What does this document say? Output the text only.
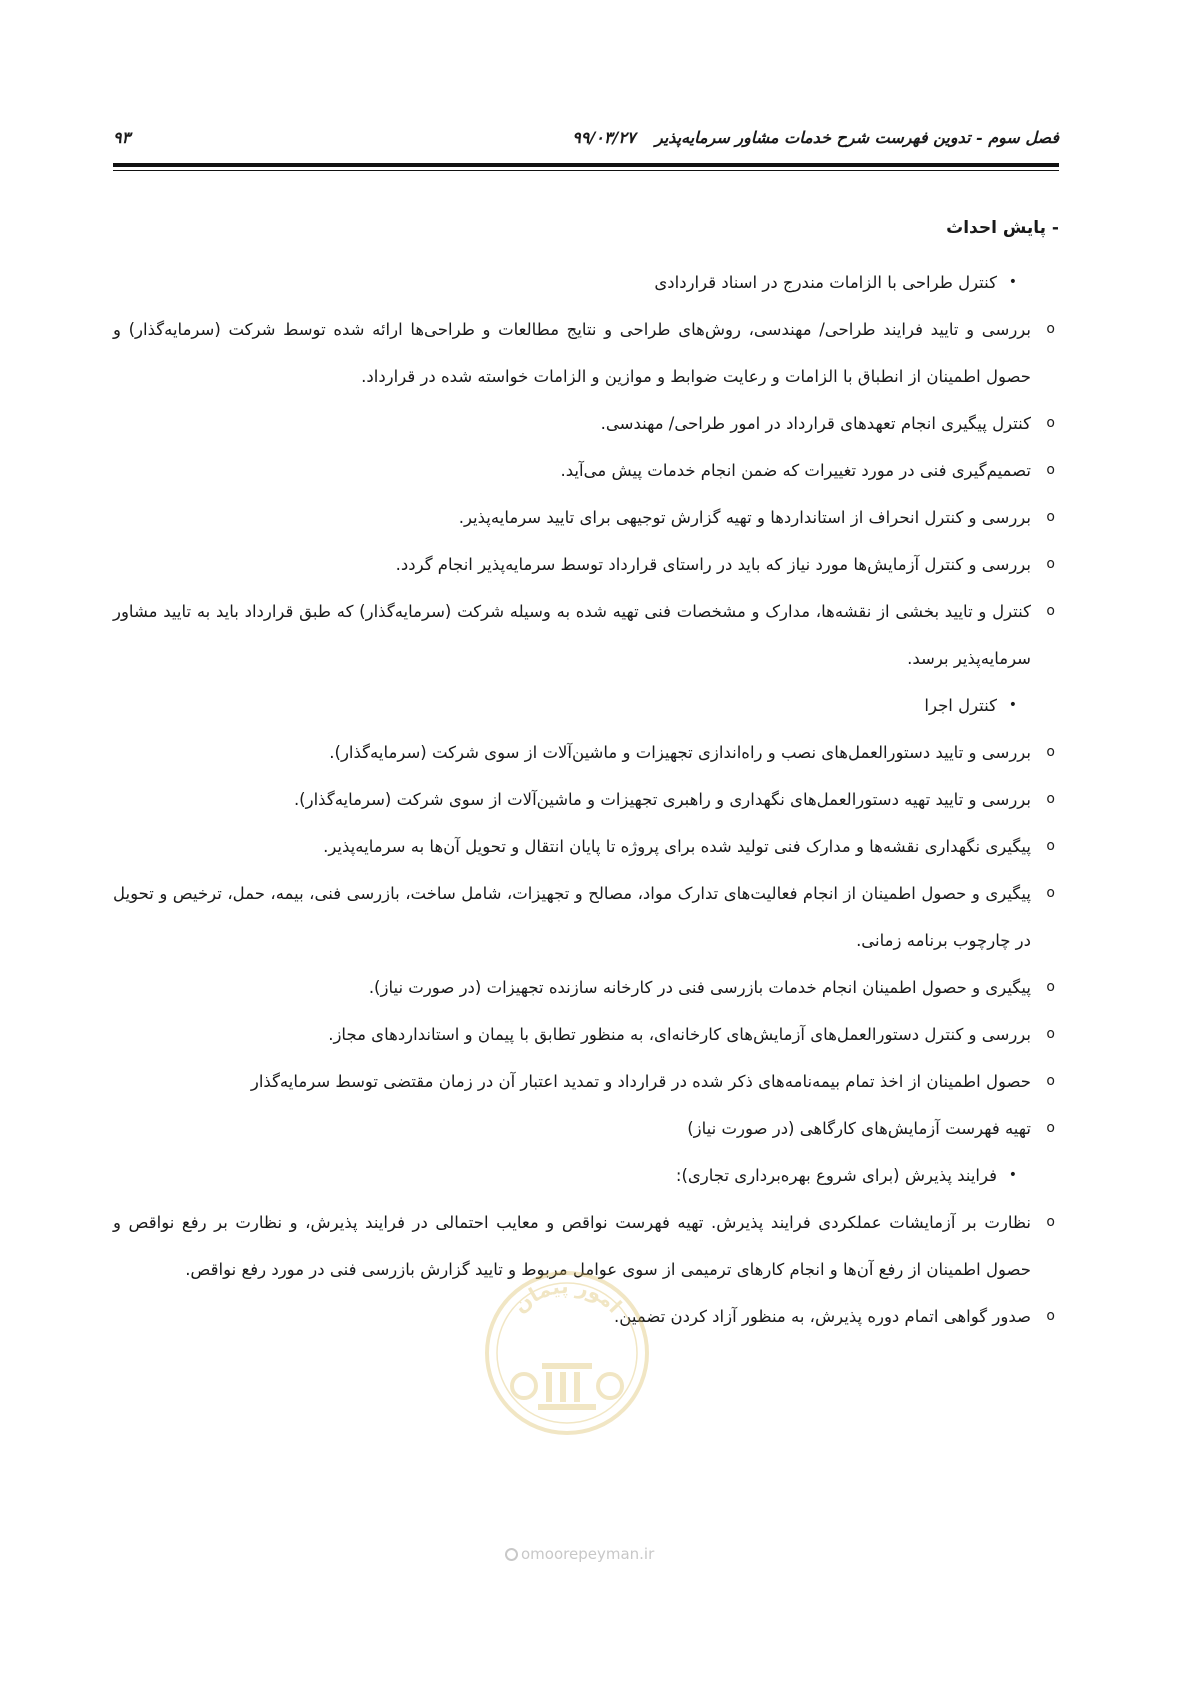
فصل سوم - تدوین فهرست شرح خدمات مشاور سرمایه‌پذیر ۹۹/۰۳/۲۷
۹۳
- پایش احداث
•
کنترل طراحی با الزامات مندرج در اسناد قراردادی
o
بررسی و تایید فرایند طراحی/ مهندسی، روش‌های طراحی و نتایج مطالعات و طراحی‌ها ارائه شده توسط شرکت (سرمایه‌گذار) و حصول اطمینان از انطباق با الزامات و رعایت ضوابط و موازین و الزامات خواسته شده در قرارداد.
o
کنترل پیگیری انجام تعهدهای قرارداد در امور طراحی/ مهندسی.
o
تصمیم‌گیری فنی در مورد تغییرات که ضمن انجام خدمات پیش می‌آید.
o
بررسی و کنترل انحراف از استانداردها و تهیه گزارش توجیهی برای تایید سرمایه‌پذیر.
o
بررسی و کنترل آزمایش‌ها مورد نیاز که باید در راستای قرارداد توسط سرمایه‌پذیر انجام گردد.
o
کنترل و تایید بخشی از نقشه‌ها، مدارک و مشخصات فنی تهیه شده به وسیله شرکت (سرمایه‌گذار) که طبق قرارداد باید به تایید مشاور سرمایه‌پذیر برسد.
•
کنترل اجرا
o
بررسی و تایید دستورالعمل‌های نصب و راه‌اندازی تجهیزات و ماشین‌آلات از سوی شرکت (سرمایه‌گذار).
o
بررسی و تایید تهیه دستورالعمل‌های نگهداری و راهبری تجهیزات و ماشین‌آلات از سوی شرکت (سرمایه‌گذار).
o
پیگیری نگهداری نقشه‌ها و مدارک فنی تولید شده برای پروژه تا پایان انتقال و تحویل آن‌ها به سرمایه‌پذیر.
o
پیگیری و حصول اطمینان از انجام فعالیت‌های تدارک مواد، مصالح و تجهیزات، شامل ساخت، بازرسی فنی، بیمه، حمل، ترخیص و تحویل در چارچوب برنامه زمانی.
o
پیگیری و حصول اطمینان انجام خدمات بازرسی فنی در کارخانه سازنده تجهیزات (در صورت نیاز).
o
بررسی و کنترل دستورالعمل‌های آزمایش‌های کارخانه‌ای، به منظور تطابق با پیمان و استانداردهای مجاز.
o
حصول اطمینان از اخذ تمام بیمه‌نامه‌های ذکر شده در قرارداد و تمدید اعتبار آن در زمان مقتضی توسط سرمایه‌گذار
o
تهیه فهرست آزمایش‌های کارگاهی (در صورت نیاز)
•
فرایند پذیرش (برای شروع بهره‌برداری تجاری):
o
نظارت بر آزمایشات عملکردی فرایند پذیرش. تهیه فهرست نواقص و معایب احتمالی در فرایند پذیرش، و نظارت بر رفع نواقص و حصول اطمینان از رفع آن‌ها و انجام کارهای ترمیمی از سوی عوامل مربوط و تایید گزارش بازرسی فنی در مورد رفع نواقص.
o
صدور گواهی اتمام دوره پذیرش، به منظور آزاد کردن تضمین.
امور پیمان
omoorepeyman.ir
